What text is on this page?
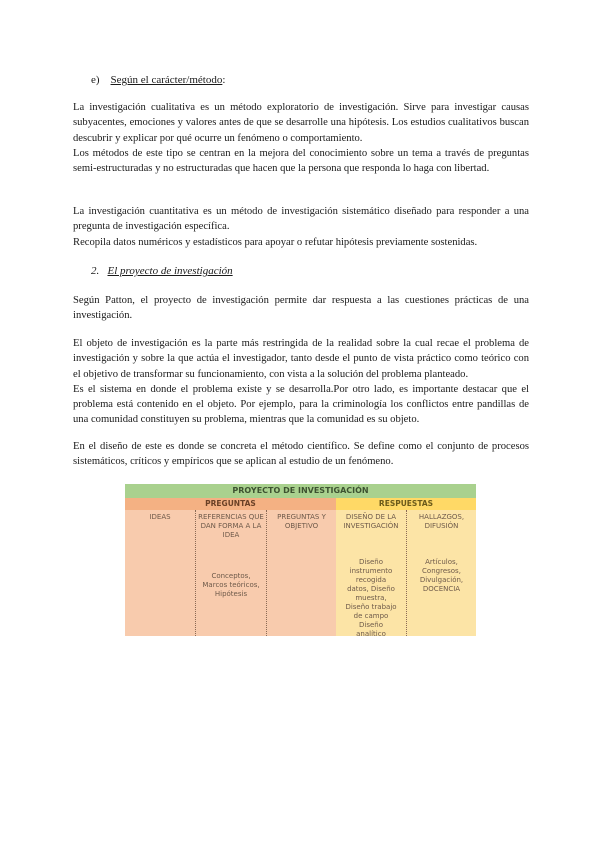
e) Según el carácter/método:

La investigación cualitativa es un método exploratorio de investigación. Sirve para investigar causas subyacentes, emociones y valores antes de que se desarrolle una hipótesis. Los estudios cualitativos buscan descubrir y explicar por qué ocurre un fenómeno o comportamiento.

Los métodos de este tipo se centran en la mejora del conocimiento sobre un tema a través de preguntas semi-estructuradas y no estructuradas que hacen que la persona que responda lo haga con libertad.

La investigación cuantitativa es un método de investigación sistemático diseñado para responder a una pregunta de investigación específica.

Recopila datos numéricos y estadísticos para apoyar o refutar hipótesis previamente sostenidas.

2. El proyecto de investigación

Según Patton, el proyecto de investigación permite dar respuesta a las cuestiones prácticas de una investigación.

El objeto de investigación es la parte más restringida de la realidad sobre la cual recae el problema de investigación y sobre la que actúa el investigador, tanto desde el punto de vista práctico como teórico con el objetivo de transformar su funcionamiento, con vista a la solución del problema planteado.

Es el sistema en donde el problema existe y se desarrolla.Por otro lado, es importante destacar que el problema está contenido en el objeto. Por ejemplo, para la criminología los conflictos entre pandillas de una comunidad constituyen su problema, mientras que la comunidad es su objeto.

En el diseño de este es donde se concreta el método científico. Se define como el conjunto de procesos sistemáticos, críticos y empíricos que se aplican al estudio de un fenómeno.

PROYECTO DE INVESTIGACIÓN
PREGUNTAS	RESPUESTAS
IDEAS	REFERENCIAS QUE DAN FORMA A LA IDEA
Conceptos, Marcos teóricos, Hipótesis
PREGUNTAS Y OBJETIVO
DISEÑO DE LA INVESTIGACIÓN
Diseño instrumento recogida datos, Diseño muestra, Diseño trabajo de campo Diseño analítico
HALLAZGOS, DIFUSIÓN
Artículos, Congresos, Divulgación, DOCENCIA
